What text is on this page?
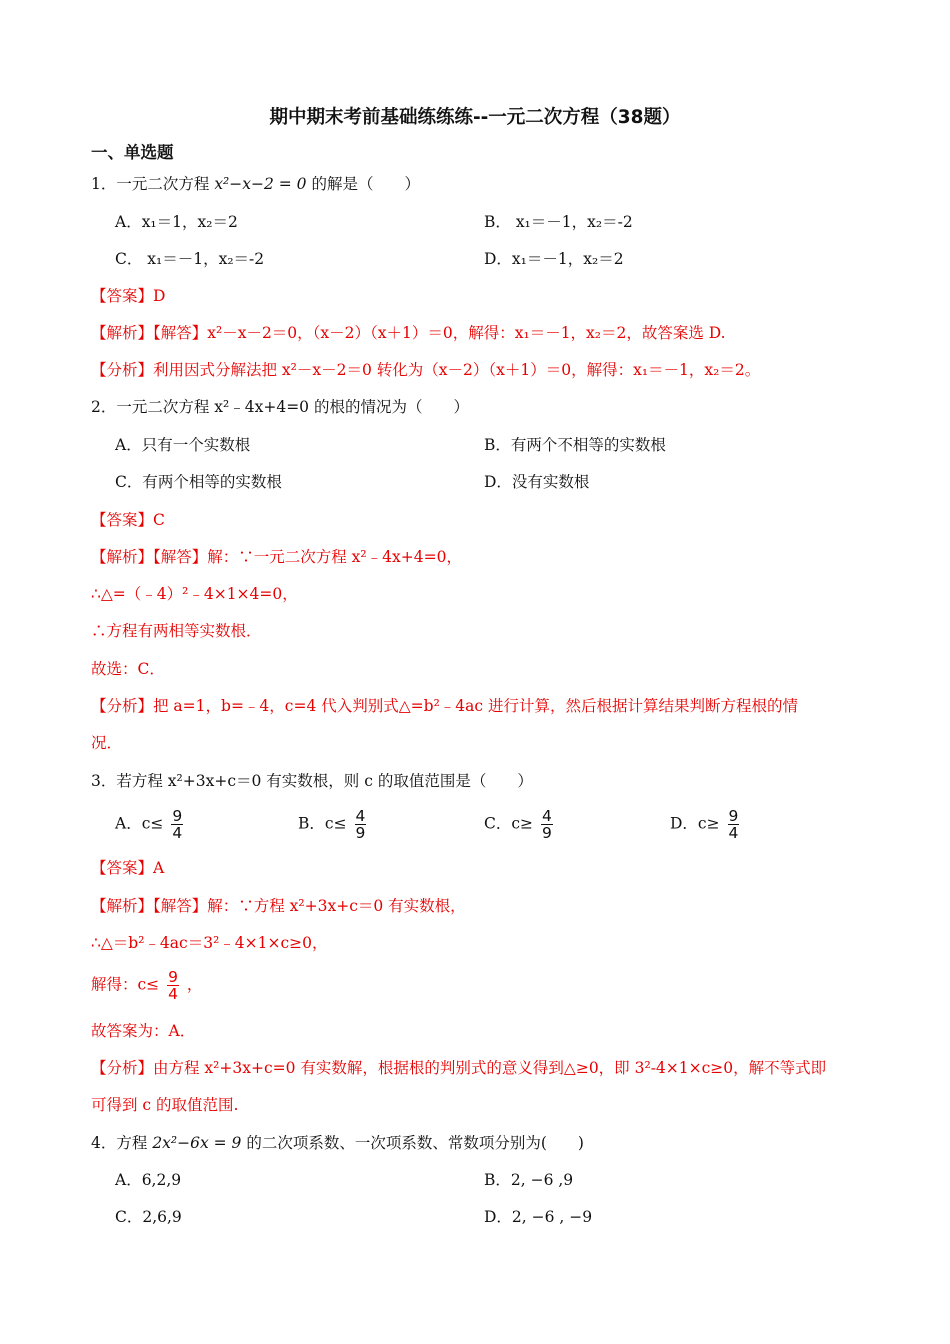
期中期末考前基础练练练--一元二次方程（38题）
一、单选题
1．一元二次方程 x²−x−2 = 0 的解是（　　）
A．x₁＝1，x₂＝2	B． x₁＝－1，x₂＝-2
C． x₁＝－1，x₂＝-2	D．x₁＝－1，x₂＝2
【答案】D
【解析】【解答】x²－x－2＝0，（x－2）（x＋1）＝0，解得：x₁＝－1，x₂＝2，故答案选 D.
【分析】利用因式分解法把 x²－x－2＝0 转化为（x－2）（x＋1）＝0，解得：x₁＝－1，x₂＝2。
2．一元二次方程 x²﹣4x+4=0 的根的情况为（　　）
A．只有一个实数根	B．有两个不相等的实数根
C．有两个相等的实数根	D．没有实数根
【答案】C
【解析】【解答】解：∵一元二次方程 x²﹣4x+4=0，
∴△=（﹣4）²﹣4×1×4=0，
∴方程有两相等实数根．
故选：C．
【分析】把 a=1，b=﹣4，c=4 代入判别式△=b²﹣4ac 进行计算，然后根据计算结果判断方程根的情
况．
3．若方程 x²+3x+c＝0 有实数根，则 c 的取值范围是（　　）
A．$c\le \frac{9}{4}$	B．$c\le \frac{4}{9}$	C．$c\ge \frac{4}{9}$	D．$c\ge \frac{9}{4}$
【答案】A
【解析】【解答】解：∵方程 x²+3x+c＝0 有实数根，
∴△＝b²﹣4ac＝3²﹣4×1×c≥0，
解得：$c\le \frac{9}{4}$ ，
故答案为：A．
【分析】由方程 x²+3x+c=0 有实数解，根据根的判别式的意义得到△≥0，即 3²-4×1×c≥0，解不等式即
可得到 c 的取值范围.
4．方程 2x²−6x = 9 的二次项系数、一次项系数、常数项分别为(　　)
A．6,2,9	B．2, −6 ,9
C．2,6,9	D．2, −6 , −9
